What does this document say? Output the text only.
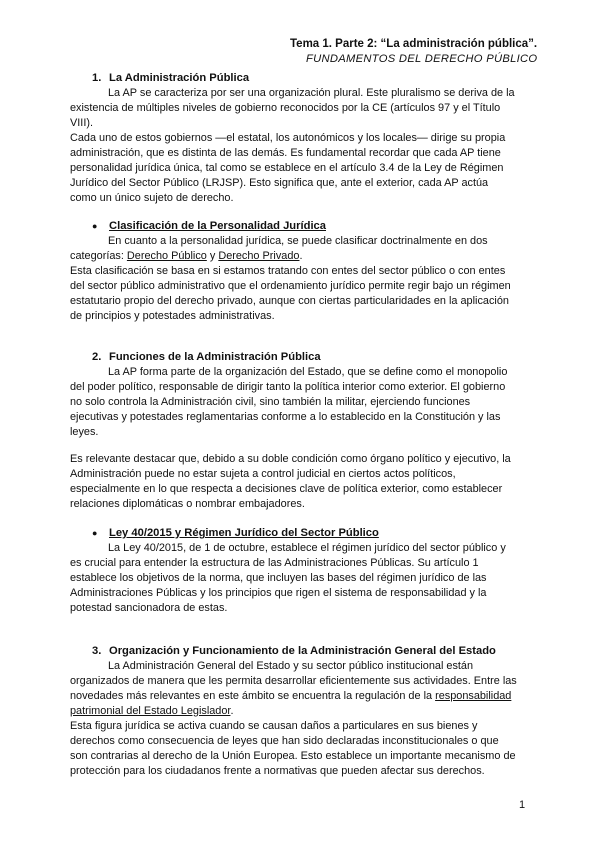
Tema 1. Parte 2: “La administración pública”.
FUNDAMENTOS DEL DERECHO PÚBLICO
1. La Administración Pública
La AP se caracteriza por ser una organización plural. Este pluralismo se deriva de la
existencia de múltiples niveles de gobierno reconocidos por la CE (artículos 97 y el Título
VIII).
Cada uno de estos gobiernos —el estatal, los autonómicos y los locales— dirige su propia
administración, que es distinta de las demás. Es fundamental recordar que cada AP tiene
personalidad jurídica única, tal como se establece en el artículo 3.4 de la Ley de Régimen
Jurídico del Sector Público (LRJSP). Esto significa que, ante el exterior, cada AP actúa
como un único sujeto de derecho.
● Clasificación de la Personalidad Jurídica
En cuanto a la personalidad jurídica, se puede clasificar doctrinalmente en dos
categorías: Derecho Público y Derecho Privado.
Esta clasificación se basa en si estamos tratando con entes del sector público o con entes
del sector público administrativo que el ordenamiento jurídico permite regir bajo un régimen
estatutario propio del derecho privado, aunque con ciertas particularidades en la aplicación
de principios y potestades administrativas.
2. Funciones de la Administración Pública
La AP forma parte de la organización del Estado, que se define como el monopolio
del poder político, responsable de dirigir tanto la política interior como exterior. El gobierno
no solo controla la Administración civil, sino también la militar, ejerciendo funciones
ejecutivas y potestades reglamentarias conforme a lo establecido en la Constitución y las
leyes.
Es relevante destacar que, debido a su doble condición como órgano político y ejecutivo, la
Administración puede no estar sujeta a control judicial en ciertos actos políticos,
especialmente en lo que respecta a decisiones clave de política exterior, como establecer
relaciones diplomáticas o nombrar embajadores.
● Ley 40/2015 y Régimen Jurídico del Sector Público
La Ley 40/2015, de 1 de octubre, establece el régimen jurídico del sector público y
es crucial para entender la estructura de las Administraciones Públicas. Su artículo 1
establece los objetivos de la norma, que incluyen las bases del régimen jurídico de las
Administraciones Públicas y los principios que rigen el sistema de responsabilidad y la
potestad sancionadora de estas.
3. Organización y Funcionamiento de la Administración General del Estado
La Administración General del Estado y su sector público institucional están
organizados de manera que les permita desarrollar eficientemente sus actividades. Entre las
novedades más relevantes en este ámbito se encuentra la regulación de la responsabilidad
patrimonial del Estado Legislador.
Esta figura jurídica se activa cuando se causan daños a particulares en sus bienes y
derechos como consecuencia de leyes que han sido declaradas inconstitucionales o que
son contrarias al derecho de la Unión Europea. Esto establece un importante mecanismo de
protección para los ciudadanos frente a normativas que pueden afectar sus derechos.
1
